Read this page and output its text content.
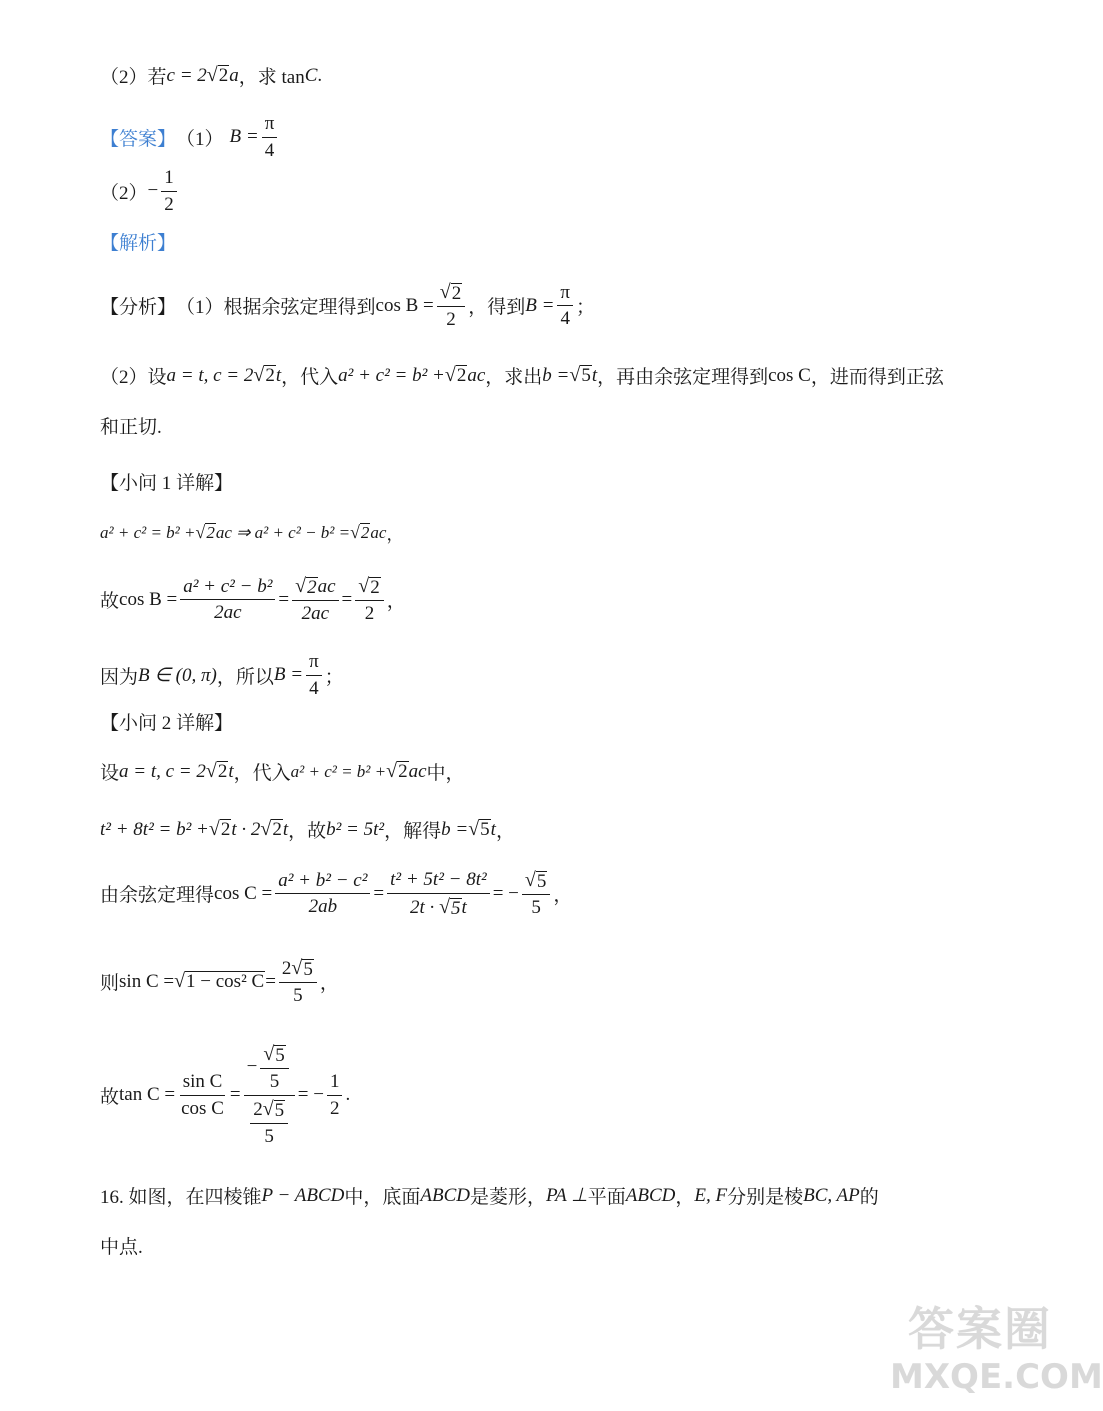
（2）若 c = 2 √ 2 a ，求 tan C .
【答案】 （1） $B = \frac{\pi}{4}$
$(2) - \frac{1}{2}$
【解析】
【分析】 （1）根据余弦定理得到 $\cos B = \frac{√ 2}{2}$ ，得到 $B = \frac{\pi}{4}$ ；
（2）设 a = t, c = 2 √ 2 t ，代入 a² + c² = b² + √ 2 ac ，求出 b = √ 5 t ，再由余弦定理得到 cos C ，进而得到正弦
和正切.
【小问 1 详解】
a² + c² = b² + √ 2 ac ⇒ a² + c² − b² = √ 2 ac ，
故 $\cos B = \frac{\text{a² + c² − b²}}{2ac} = \frac{√ 2 ac}{2ac} = \frac{√ 2}{2}$ ，
因为 B ∈ (0, π) ，所以 $B = \frac{\pi}{4}$ ；
【小问 2 详解】
设 a = t, c = 2 √ 2 t ，代入 a² + c² = b² + √ 2 ac 中，
t² + 8t² = b² + √ 2 t · 2 √ 2 t ，故 b² = 5t² ，解得 b = √ 5 t ，
由余弦定理得 $\cos C = \frac{\text{a² + b² − c²}}{2ab} = \frac{\text{t² + 5t² − 8t²}}{2t \cdot √ 5 t}$ = − $\frac{√ 5}{5}$ ，
则 sin C = √ 1 − cos² $C = \frac{2 √ 5}{5}$ ，
故 $\tan C = \frac{\text{sin C}}{\text{cos C}} = \frac{- \frac{√ 5}{5}}{\frac{2 √ 5}{5}}$ = − $\frac{1}{2}$ .
16. 如图，在四棱锥 P − ABCD 中，底面 ABCD 是菱形， PA ⊥ 平面 ABCD ， E, F 分别是棱 BC, AP 的
中点.
答案圈
MXQE.COM
